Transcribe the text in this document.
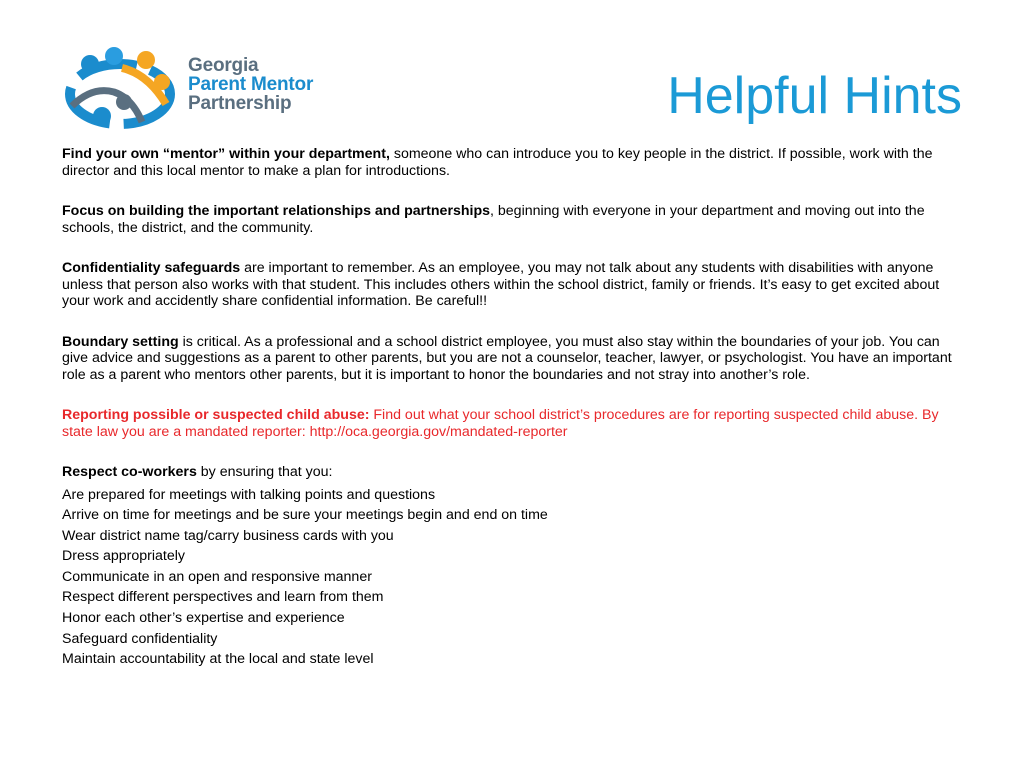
Georgia
Parent Mentor
Partnership	Helpful Hints

Find your own “mentor” within your department, someone who can introduce you to key people in the district. If possible, work with the director and this local mentor to make a plan for introductions.

Focus on building the important relationships and partnerships, beginning with everyone in your department and moving out into the schools, the district, and the community.

Confidentiality safeguards are important to remember. As an employee, you may not talk about any students with disabilities with anyone unless that person also works with that student. This includes others within the school district, family or friends. It’s easy to get excited about your work and accidently share confidential information. Be careful!!

Boundary setting is critical. As a professional and a school district employee, you must also stay within the boundaries of your job. You can give advice and suggestions as a parent to other parents, but you are not a counselor, teacher, lawyer, or psychologist. You have an important role as a parent who mentors other parents, but it is important to honor the boundaries and not stray into another’s role.

Reporting possible or suspected child abuse: Find out what your school district’s procedures are for reporting suspected child abuse. By state law you are a mandated reporter: http://oca.georgia.gov/mandated-reporter

Respect co-workers by ensuring that you:

Are prepared for meetings with talking points and questions
Arrive on time for meetings and be sure your meetings begin and end on time
Wear district name tag/carry business cards with you
Dress appropriately
Communicate in an open and responsive manner
Respect different perspectives and learn from them
Honor each other’s expertise and experience
Safeguard confidentiality
Maintain accountability at the local and state level
